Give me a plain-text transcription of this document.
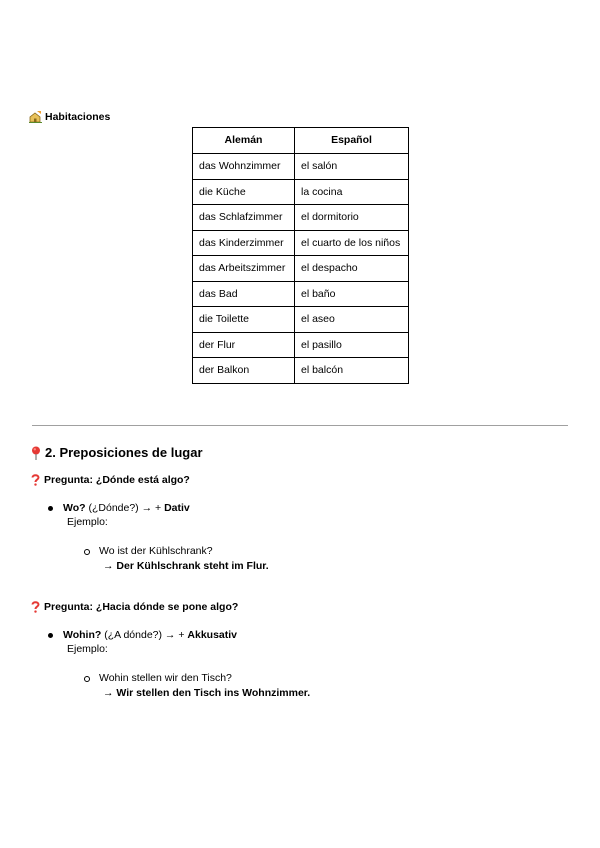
Habitaciones
Alemán	Español
das Wohnzimmer	el salón
die Küche	la cocina
das Schlafzimmer	el dormitorio
das Kinderzimmer	el cuarto de los niños
das Arbeitszimmer	el despacho
das Bad	el baño
die Toilette	el aseo
der Flur	el pasillo
der Balkon	el balcón
2. Preposiciones de lugar
Pregunta: ¿Dónde está algo?
Wo? (¿Dónde?) → + Dativ
Ejemplo:
Wo ist der Kühlschrank?
→ Der Kühlschrank steht im Flur.
Pregunta: ¿Hacia dónde se pone algo?
Wohin? (¿A dónde?) → + Akkusativ
Ejemplo:
Wohin stellen wir den Tisch?
→ Wir stellen den Tisch ins Wohnzimmer.
